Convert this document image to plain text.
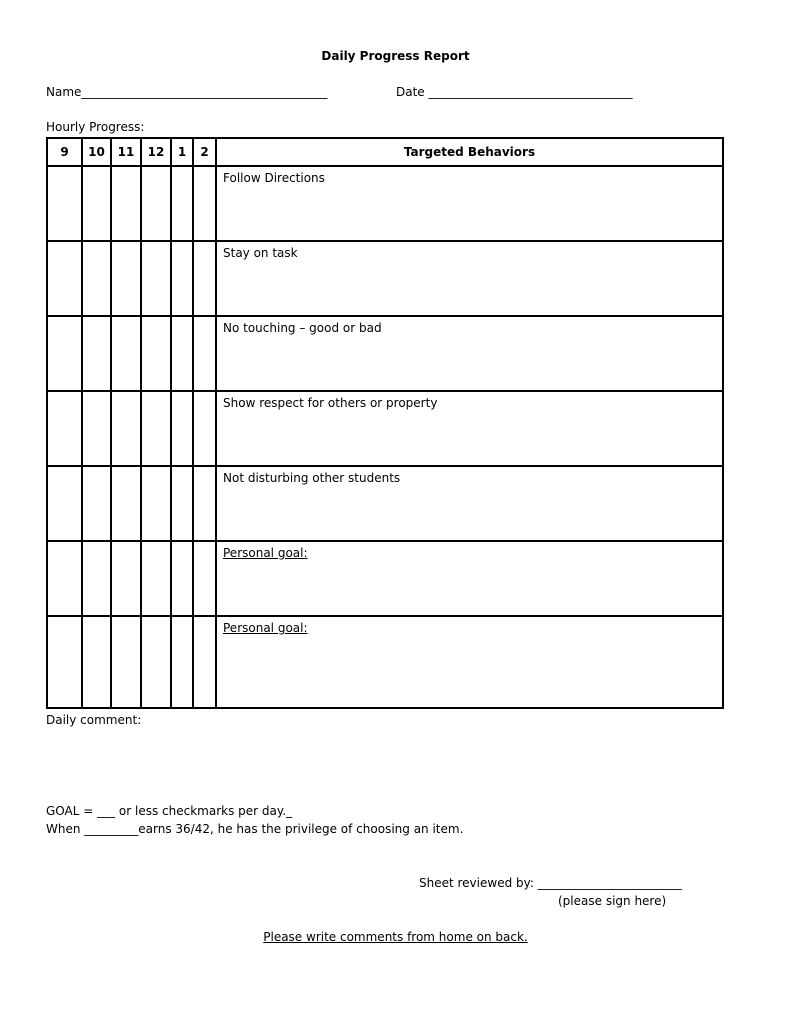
Daily Progress Report
Name_________________________________________	Date __________________________________
Hourly Progress:
9	10	11	12	1	2	Targeted Behaviors
						Follow Directions
						Stay on task
						No touching – good or bad
						Show respect for others or property
						Not disturbing other students
						Personal goal:
						Personal goal:
Daily comment:
GOAL = ___ or less checkmarks per day._
When _________earns 36/42, he has the privilege of choosing an item.
Sheet reviewed by: ________________________
(please sign here)
Please write comments from home on back.
